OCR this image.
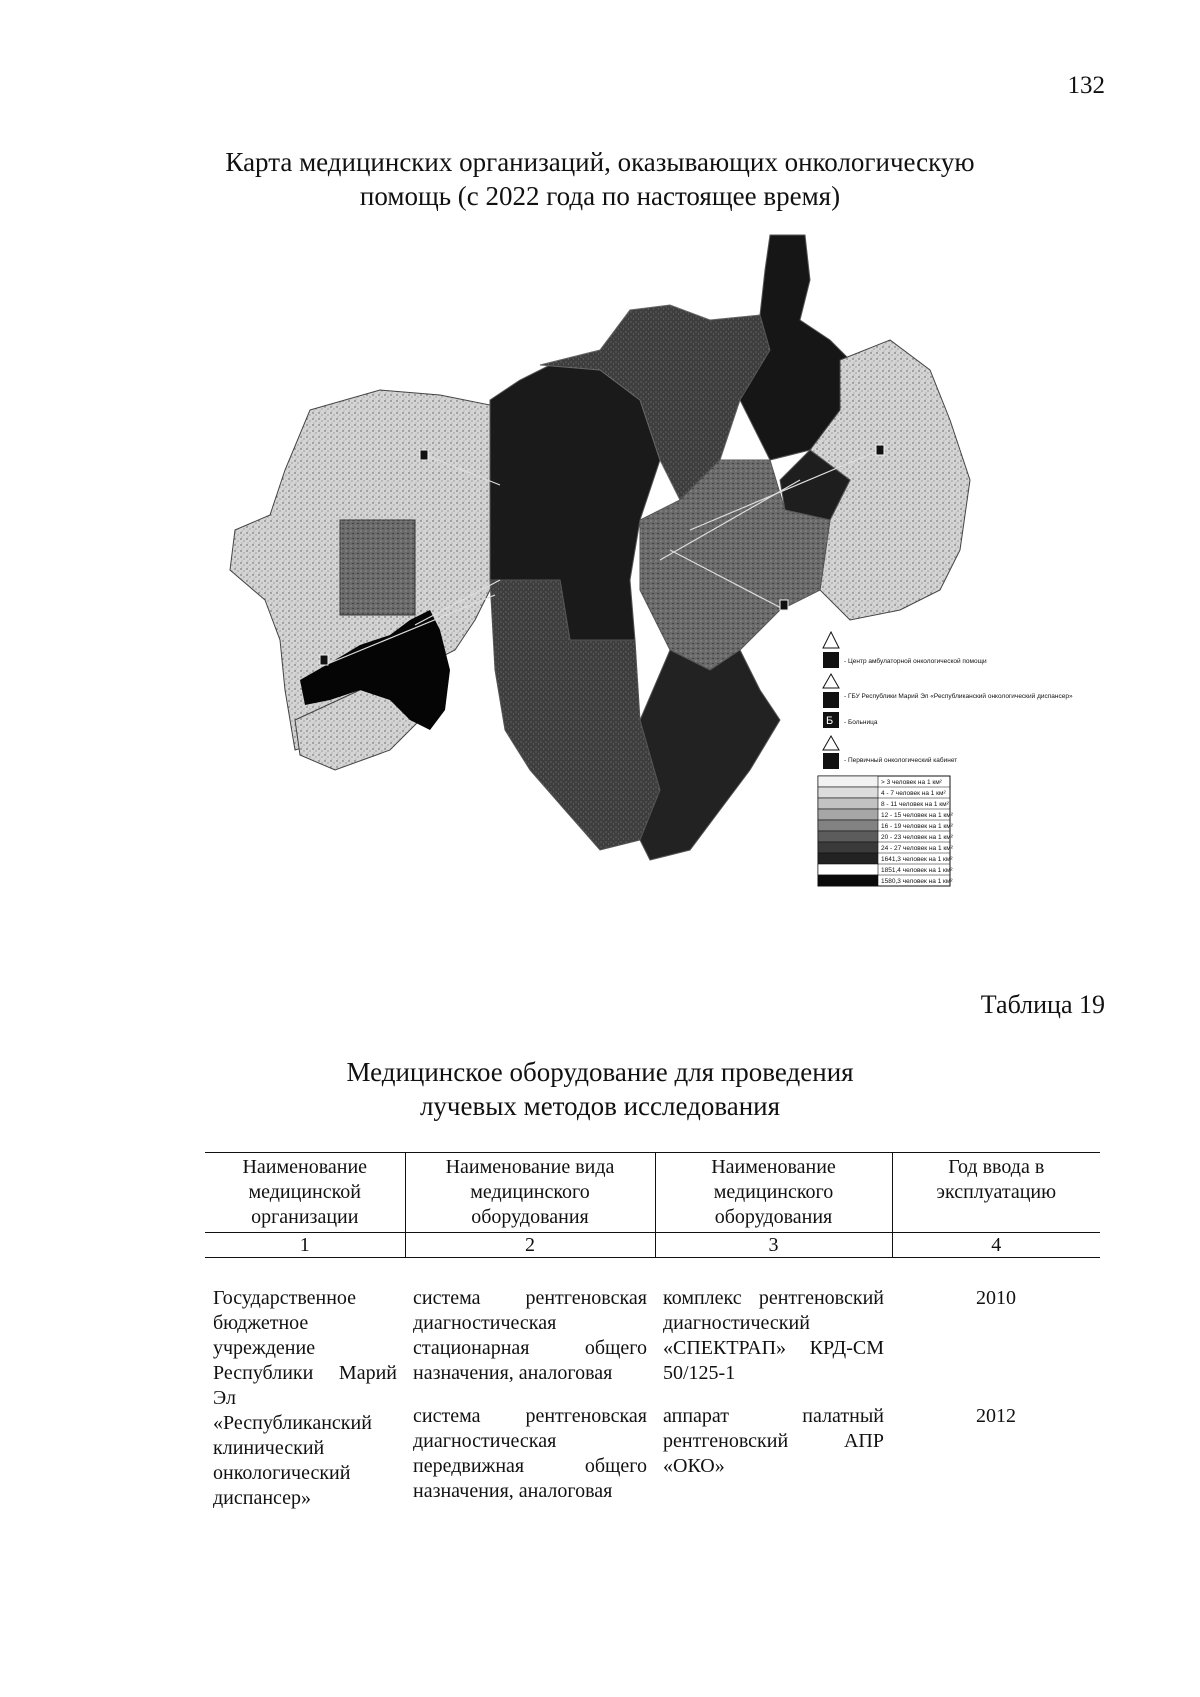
132
Карта медицинских организаций, оказывающих онкологическую помощь (с 2022 года по настоящее время)
- Центр амбулаторной онкологической помощи
- ГБУ Республики Марий Эл «Республиканский онкологический диспансер»
Б - Больница
- Первичный онкологический кабинет
> 3 человек на 1 км²
4 - 7 человек на 1 км²
8 - 11 человек на 1 км²
12 - 15 человек на 1 км²
16 - 19 человек на 1 км²
20 - 23 человек на 1 км²
24 - 27 человек на 1 км²
1641,3 человек на 1 км²
1851,4 человек на 1 км²
1580,3 человек на 1 км²
Таблица 19
Медицинское оборудование для проведения лучевых методов исследования
Наименование медицинской организации	Наименование вида медицинского оборудования	Наименование медицинского оборудования	Год ввода в эксплуатацию
1	2	3	4
Государственное бюджетное учреждение Республики Марий Эл «Республиканский клинический онкологический диспансер»	система рентгеновская диагностическая стационарная общего назначения, аналоговая	комплекс рентгеновский диагностический «СПЕКТРАП» КРД-СМ 50/125-1	2010
	система рентгеновская диагностическая передвижная общего назначения, аналоговая	аппарат палатный рентгеновский АПР «ОКО»	2012
